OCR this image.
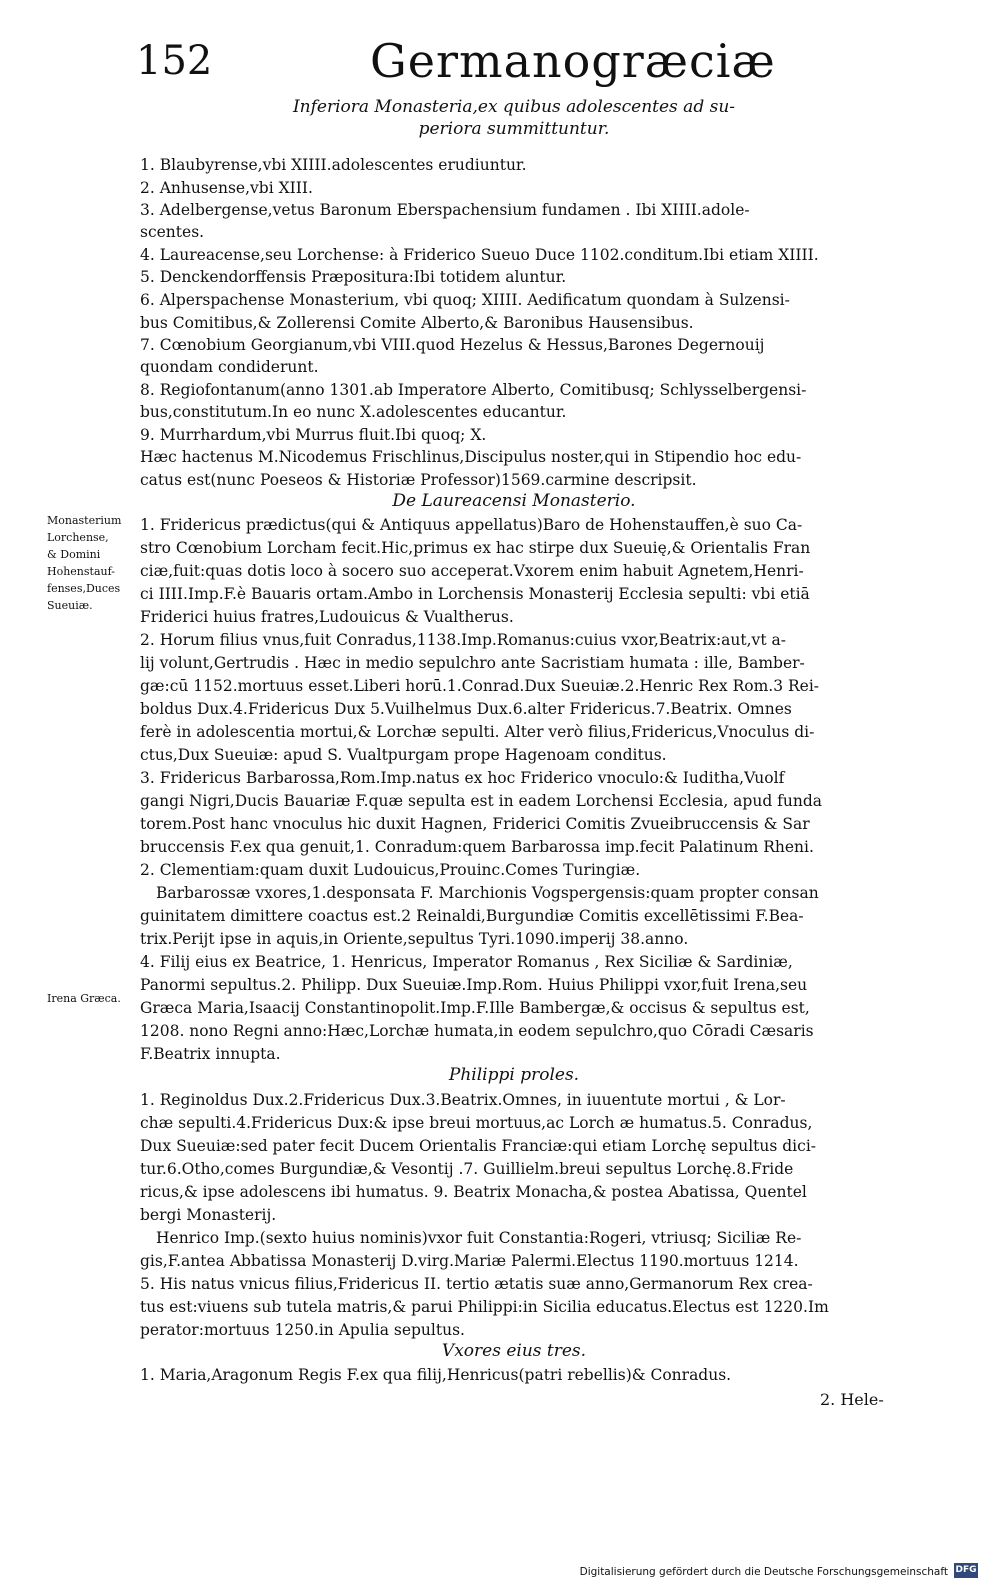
152	Germanogræciæ
Inferiora Monasteria,ex quibus adolescentes ad su-
periora summittuntur.
1. Blaubyrense,vbi XIIII.adolescentes erudiuntur.
2. Anhusense,vbi XIII.
3. Adelbergense,vetus Baronum Eberspachensium fundamen . Ibi XIIII.adole-
scentes.
4. Laureacense,seu Lorchense: à Friderico Sueuo Duce 1102.conditum.Ibi etiam XIIII.
5. Denckendorffensis Præpositura:Ibi totidem aluntur.
6. Alperspachense Monasterium, vbi quoq; XIIII. Aedificatum quondam à Sulzensi-
bus Comitibus,& Zollerensi Comite Alberto,& Baronibus Hausensibus.
7. Cœnobium Georgianum,vbi VIII.quod Hezelus & Hessus,Barones Degernouij
quondam condiderunt.
8. Regiofontanum(anno 1301.ab Imperatore Alberto, Comitibusq; Schlysselbergensi-
bus,constitutum.In eo nunc X.adolescentes educantur.
9. Murrhardum,vbi Murrus fluit.Ibi quoq; X.
Hæc hactenus M.Nicodemus Frischlinus,Discipulus noster,qui in Stipendio hoc edu-
catus est(nunc Poeseos & Historiæ Professor)1569.carmine descripsit.
De Laureacensi Monasterio.
Monasterium
Lorchense,
& Domini
Hohenstauf-
fenses,Duces
Sueuiæ.
1. Fridericus prædictus(qui & Antiquus appellatus)Baro de Hohenstauffen,è suo Ca-
stro Cœnobium Lorcham fecit.Hic,primus ex hac stirpe dux Sueuię,& Orientalis Fran
ciæ,fuit:quas dotis loco à socero suo acceperat.Vxorem enim habuit Agnetem,Henri-
ci IIII.Imp.F.è Bauaris ortam.Ambo in Lorchensis Monasterij Ecclesia sepulti: vbi etiā
Friderici huius fratres,Ludouicus & Vualtherus.
2. Horum filius vnus,fuit Conradus,1138.Imp.Romanus:cuius vxor,Beatrix:aut,vt a-
lij volunt,Gertrudis . Hæc in medio sepulchro ante Sacristiam humata : ille, Bamber-
gæ:cū 1152.mortuus esset.Liberi horū.1.Conrad.Dux Sueuiæ.2.Henric Rex Rom.3 Rei-
boldus Dux.4.Fridericus Dux 5.Vuilhelmus Dux.6.alter Fridericus.7.Beatrix. Omnes
ferè in adolescentia mortui,& Lorchæ sepulti. Alter verò filius,Fridericus,Vnoculus di-
ctus,Dux Sueuiæ: apud S. Vualtpurgam prope Hagenoam conditus.
3. Fridericus Barbarossa,Rom.Imp.natus ex hoc Friderico vnoculo:& Iuditha,Vuolf
gangi Nigri,Ducis Bauariæ F.quæ sepulta est in eadem Lorchensi Ecclesia, apud funda
torem.Post hanc vnoculus hic duxit Hagnen, Friderici Comitis Zvueibruccensis & Sar
bruccensis F.ex qua genuit,1. Conradum:quem Barbarossa imp.fecit Palatinum Rheni.
2. Clementiam:quam duxit Ludouicus,Prouinc.Comes Turingiæ.
Barbarossæ vxores,1.desponsata F. Marchionis Vogspergensis:quam propter consan
guinitatem dimittere coactus est.2 Reinaldi,Burgundiæ Comitis excellētissimi F.Bea-
trix.Perijt ipse in aquis,in Oriente,sepultus Tyri.1090.imperij 38.anno.
4. Filij eius ex Beatrice, 1. Henricus, Imperator Romanus , Rex Siciliæ & Sardiniæ,
Panormi sepultus.2. Philipp. Dux Sueuiæ.Imp.Rom. Huius Philippi vxor,fuit Irena,seu
Irena Græca.
Græca Maria,Isaacij Constantinopolit.Imp.F.Ille Bambergæ,& occisus & sepultus est,
1208. nono Regni anno:Hæc,Lorchæ humata,in eodem sepulchro,quo Cōradi Cæsaris
F.Beatrix innupta.
Philippi proles.
1. Reginoldus Dux.2.Fridericus Dux.3.Beatrix.Omnes, in iuuentute mortui , & Lor-
chæ sepulti.4.Fridericus Dux:& ipse breui mortuus,ac Lorch æ humatus.5. Conradus,
Dux Sueuiæ:sed pater fecit Ducem Orientalis Franciæ:qui etiam Lorchę sepultus dici-
tur.6.Otho,comes Burgundiæ,& Vesontij .7. Guillielm.breui sepultus Lorchę.8.Fride
ricus,& ipse adolescens ibi humatus. 9. Beatrix Monacha,& postea Abatissa, Quentel
bergi Monasterij.
Henrico Imp.(sexto huius nominis)vxor fuit Constantia:Rogeri, vtriusq; Siciliæ Re-
gis,F.antea Abbatissa Monasterij D.virg.Mariæ Palermi.Electus 1190.mortuus 1214.
5. His natus vnicus filius,Fridericus II. tertio ætatis suæ anno,Germanorum Rex crea-
tus est:viuens sub tutela matris,& parui Philippi:in Sicilia educatus.Electus est 1220.Im
perator:mortuus 1250.in Apulia sepultus.
Vxores eius tres.
1. Maria,Aragonum Regis F.ex qua filij,Henricus(patri rebellis)& Conradus.
2. Hele-
Digitalisierung gefördert durch die Deutsche Forschungsgemeinschaft DFG
